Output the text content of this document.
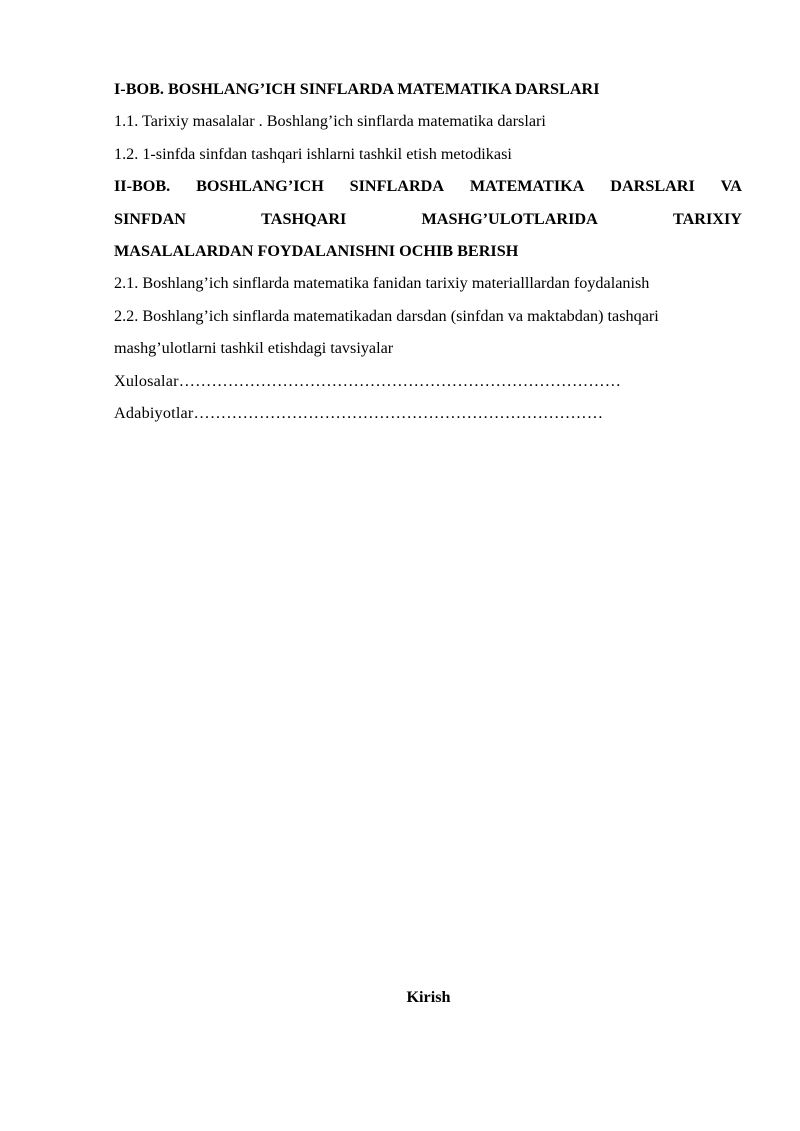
I-BOB. BOSHLANG’ICH SINFLARDA MATEMATIKA DARSLARI
1.1. Tarixiy masalalar . Boshlang’ich sinflarda matematika darslari
1.2. 1-sinfda sinfdan tashqari ishlarni tashkil etish metodikasi
II-BOB. BOSHLANG’ICH SINFLARDA MATEMATIKA DARSLARI VA
SINFDAN	TASHQARI	MASHG’ULOTLARIDA	TARIXIY
MASALALARDAN FOYDALANISHNI OCHIB BERISH
2.1. Boshlang’ich sinflarda matematika fanidan tarixiy materialllardan foydalanish
2.2. Boshlang’ich sinflarda matematikadan darsdan (sinfdan va maktabdan) tashqari
mashg’ulotlarni tashkil etishdagi tavsiyalar
Xulosalar………………………………………………………………………
Adabiyotlar…………………………………………………………………
Kirish
